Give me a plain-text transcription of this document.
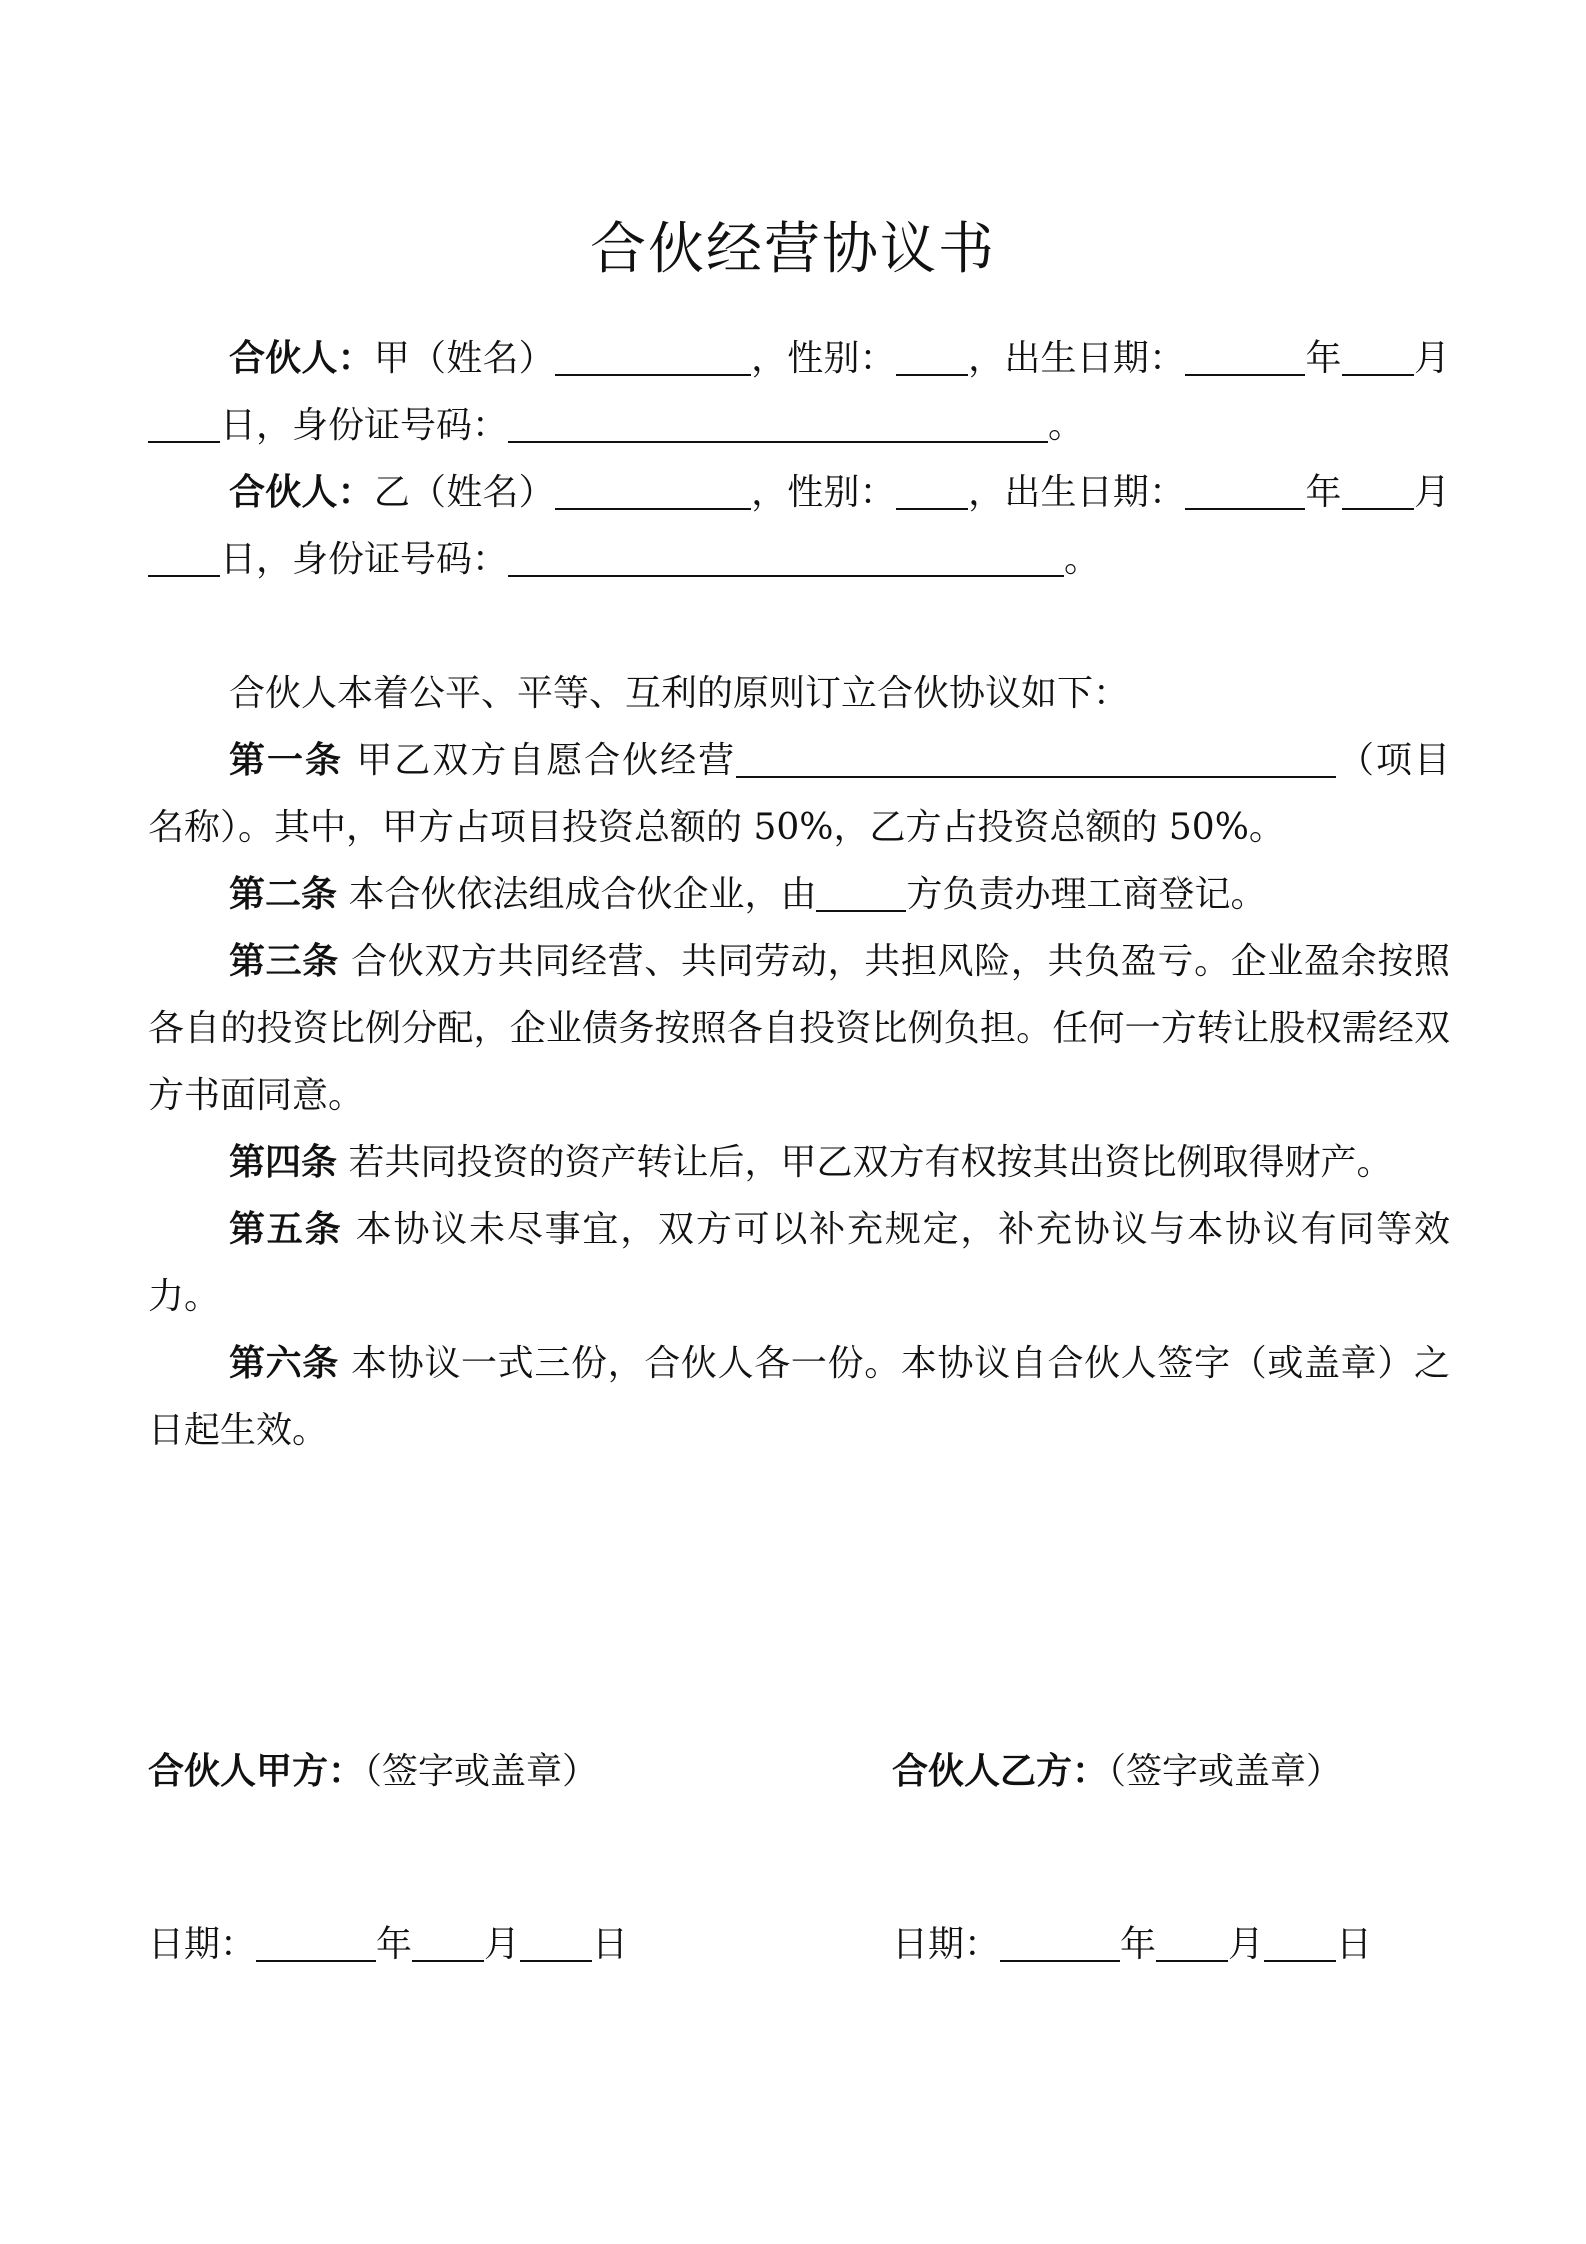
合伙经营协议书

合伙人：甲（姓名）	，性别： ，出生日期：	年 月日，身份证号码：	。

合伙人：乙（姓名）	，性别： ，出生日期：	年 月日，身份证号码：	。

合伙人本着公平、平等、互利的原则订立合伙协议如下：

第一条 甲乙双方自愿合伙经营	（项目名称）。其中，甲方占项目投资总额的 50%，乙方占投资总额的 50%。

第二条 本合伙依法组成合伙企业，由	方负责办理工商登记。

第三条 合伙双方共同经营、共同劳动，共担风险，共负盈亏。企业盈余按照各自的投资比例分配，企业债务按照各自投资比例负担。任何一方转让股权需经双方书面同意。

第四条 若共同投资的资产转让后，甲乙双方有权按其出资比例取得财产。

第五条 本协议未尽事宜，双方可以补充规定，补充协议与本协议有同等效力。

第六条 本协议一式三份，合伙人各一份。本协议自合伙人签字（或盖章）之日起生效。

合伙人甲方：（签字或盖章）	合伙人乙方：（签字或盖章）
日期：	年 月 日	日期：	年 月 日
